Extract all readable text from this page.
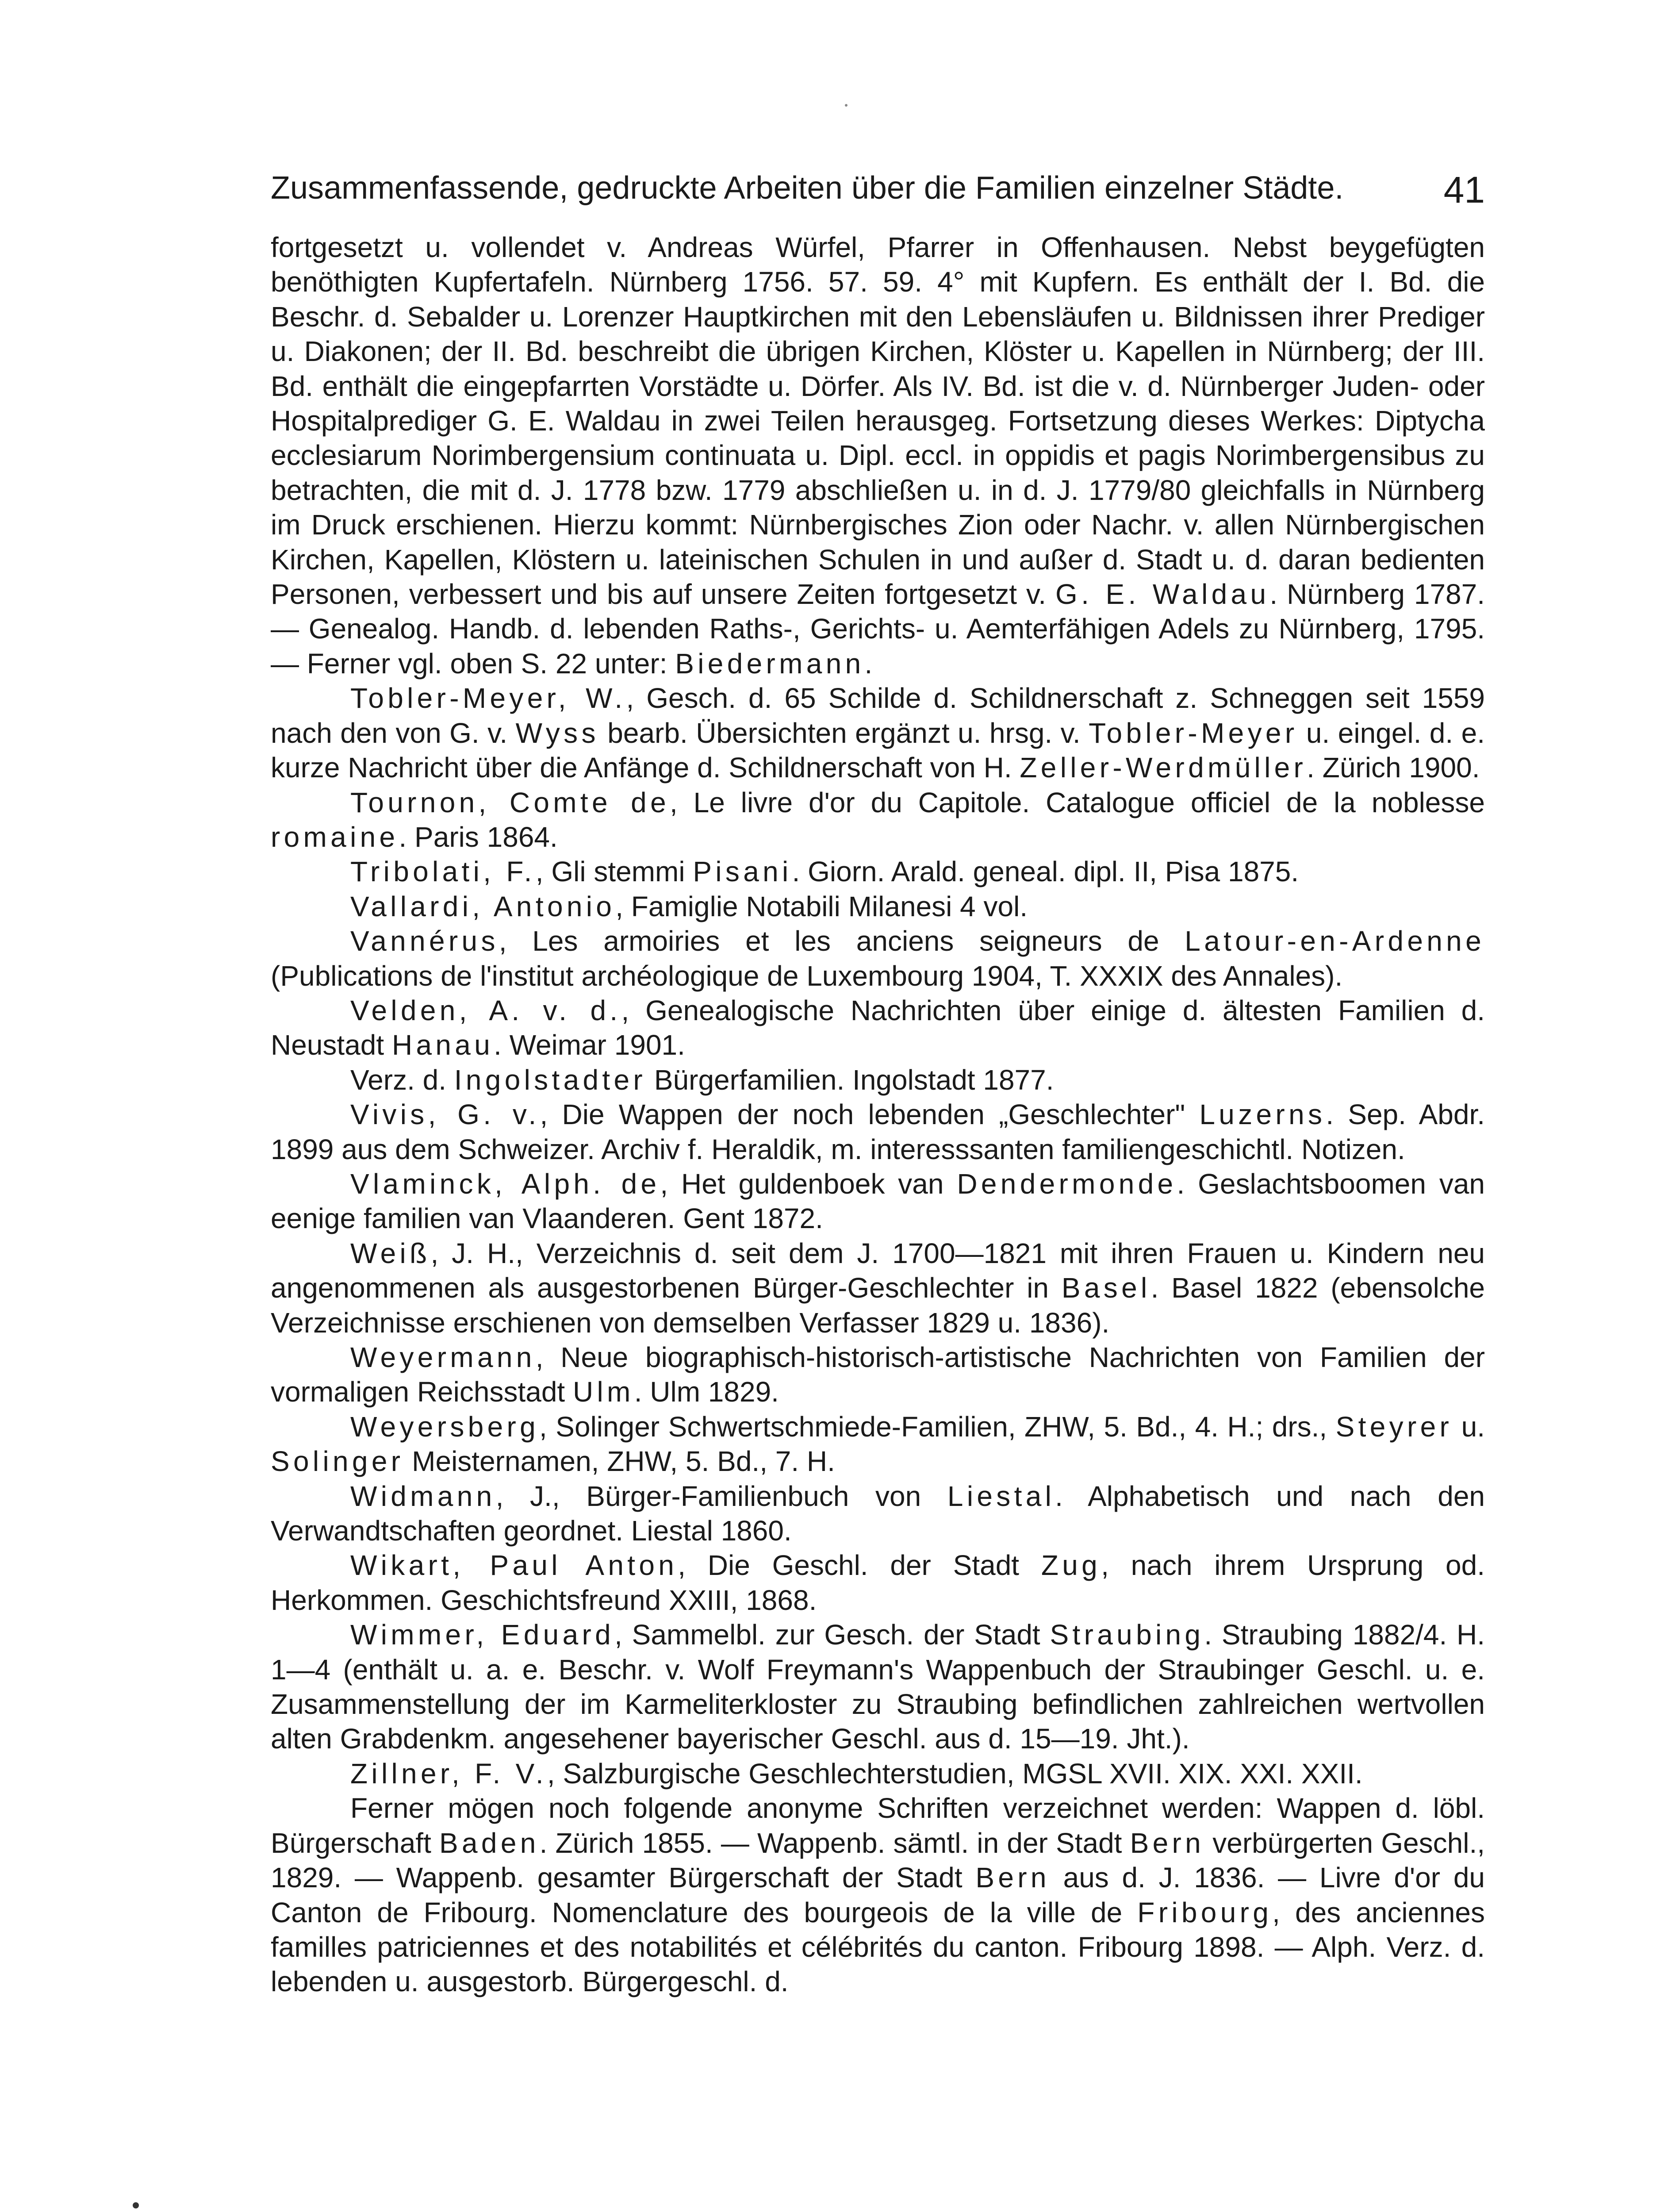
Zusammenfassende, gedruckte Arbeiten über die Familien einzelner Städte.	41

fortgesetzt u. vollendet v. Andreas Würfel, Pfarrer in Offenhausen. Nebst beygefügten benöthigten Kupfertafeln. Nürnberg 1756. 57. 59. 4° mit Kupfern. Es enthält der I. Bd. die Beschr. d. Sebalder u. Lorenzer Hauptkirchen mit den Lebensläufen u. Bildnissen ihrer Prediger u. Diakonen; der II. Bd. beschreibt die übrigen Kirchen, Klöster u. Kapellen in Nürnberg; der III. Bd. enthält die eingepfarrten Vorstädte u. Dörfer. Als IV. Bd. ist die v. d. Nürnberger Juden- oder Hospitalprediger G. E. Waldau in zwei Teilen herausgeg. Fortsetzung dieses Werkes: Diptycha ecclesiarum Norimbergensium continuata u. Dipl. eccl. in oppidis et pagis Norimbergensibus zu betrachten, die mit d. J. 1778 bzw. 1779 abschließen u. in d. J. 1779/80 gleichfalls in Nürnberg im Druck erschienen. Hierzu kommt: Nürnbergisches Zion oder Nachr. v. allen Nürnbergischen Kirchen, Kapellen, Klöstern u. lateinischen Schulen in und außer d. Stadt u. d. daran bedienten Personen, verbessert und bis auf unsere Zeiten fortgesetzt v. G. E. Waldau. Nürnberg 1787. — Genealog. Handb. d. lebenden Raths-, Gerichts- u. Aemterfähigen Adels zu Nürnberg, 1795. — Ferner vgl. oben S. 22 unter: Biedermann.

Tobler-Meyer, W., Gesch. d. 65 Schilde d. Schildnerschaft z. Schneggen seit 1559 nach den von G. v. Wyss bearb. Übersichten ergänzt u. hrsg. v. Tobler-Meyer u. eingel. d. e. kurze Nachricht über die Anfänge d. Schildnerschaft von H. Zeller-Werdmüller. Zürich 1900.

Tournon, Comte de, Le livre d'or du Capitole. Catalogue officiel de la noblesse romaine. Paris 1864.

Tribolati, F., Gli stemmi Pisani. Giorn. Arald. geneal. dipl. II, Pisa 1875.

Vallardi, Antonio, Famiglie Notabili Milanesi 4 vol.

Vannérus, Les armoiries et les anciens seigneurs de Latour-en-Ardenne (Publications de l'institut archéologique de Luxembourg 1904, T. XXXIX des Annales).

Velden, A. v. d., Genealogische Nachrichten über einige d. ältesten Familien d. Neustadt Hanau. Weimar 1901.

Verz. d. Ingolstadter Bürgerfamilien. Ingolstadt 1877.

Vivis, G. v., Die Wappen der noch lebenden „Geschlechter" Luzerns. Sep. Abdr. 1899 aus dem Schweizer. Archiv f. Heraldik, m. interesssanten familiengeschichtl. Notizen.

Vlaminck, Alph. de, Het guldenboek van Dendermonde. Geslachtsboomen van eenige familien van Vlaanderen. Gent 1872.

Weiß, J. H., Verzeichnis d. seit dem J. 1700—1821 mit ihren Frauen u. Kindern neu angenommenen als ausgestorbenen Bürger-Geschlechter in Basel. Basel 1822 (ebensolche Verzeichnisse erschienen von demselben Verfasser 1829 u. 1836).

Weyermann, Neue biographisch-historisch-artistische Nachrichten von Familien der vormaligen Reichsstadt Ulm. Ulm 1829.

Weyersberg, Solinger Schwertschmiede-Familien, ZHW, 5. Bd., 4. H.; drs., Steyrer u. Solinger Meisternamen, ZHW, 5. Bd., 7. H.

Widmann, J., Bürger-Familienbuch von Liestal. Alphabetisch und nach den Verwandtschaften geordnet. Liestal 1860.

Wikart, Paul Anton, Die Geschl. der Stadt Zug, nach ihrem Ursprung od. Herkommen. Geschichtsfreund XXIII, 1868.

Wimmer, Eduard, Sammelbl. zur Gesch. der Stadt Straubing. Straubing 1882/4. H. 1—4 (enthält u. a. e. Beschr. v. Wolf Freymann's Wappenbuch der Straubinger Geschl. u. e. Zusammenstellung der im Karmeliterkloster zu Straubing befindlichen zahlreichen wertvollen alten Grabdenkm. angesehener bayerischer Geschl. aus d. 15—19. Jht.).

Zillner, F. V., Salzburgische Geschlechterstudien, MGSL XVII. XIX. XXI. XXII.

Ferner mögen noch folgende anonyme Schriften verzeichnet werden: Wappen d. löbl. Bürgerschaft Baden. Zürich 1855. — Wappenb. sämtl. in der Stadt Bern verbürgerten Geschl., 1829. — Wappenb. gesamter Bürgerschaft der Stadt Bern aus d. J. 1836. — Livre d'or du Canton de Fribourg. Nomenclature des bourgeois de la ville de Fribourg, des anciennes familles patriciennes et des notabilités et célébrités du canton. Fribourg 1898. — Alph. Verz. d. lebenden u. ausgestorb. Bürgergeschl. d.
